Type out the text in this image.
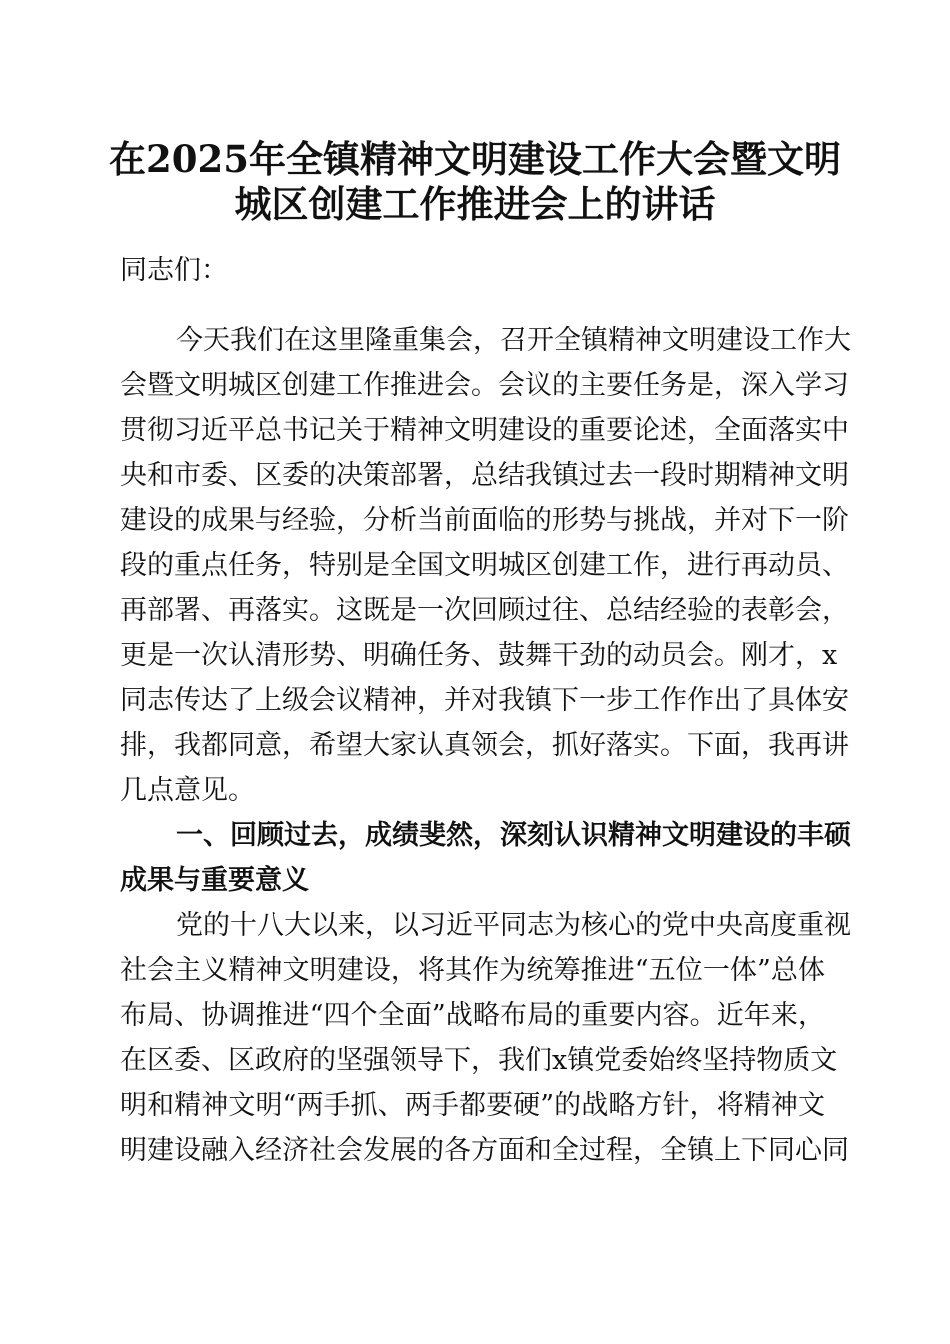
在2025年全镇精神文明建设工作大会暨文明
城区创建工作推进会上的讲话
同志们：
今天我们在这里隆重集会，召开全镇精神文明建设工作大
会暨文明城区创建工作推进会。会议的主要任务是，深入学习
贯彻习近平总书记关于精神文明建设的重要论述，全面落实中
央和市委、区委的决策部署，总结我镇过去一段时期精神文明
建设的成果与经验，分析当前面临的形势与挑战，并对下一阶
段的重点任务，特别是全国文明城区创建工作，进行再动员、
再部署、再落实。这既是一次回顾过往、总结经验的表彰会，
更是一次认清形势、明确任务、鼓舞干劲的动员会。刚才，x
同志传达了上级会议精神，并对我镇下一步工作作出了具体安
排，我都同意，希望大家认真领会，抓好落实。下面，我再讲
几点意见。
一、回顾过去，成绩斐然，深刻认识精神文明建设的丰硕
成果与重要意义
党的十八大以来，以习近平同志为核心的党中央高度重视
社会主义精神文明建设，将其作为统筹推进“五位一体”总体
布局、协调推进“四个全面”战略布局的重要内容。近年来，
在区委、区政府的坚强领导下，我们x镇党委始终坚持物质文
明和精神文明“两手抓、两手都要硬”的战略方针，将精神文
明建设融入经济社会发展的各方面和全过程，全镇上下同心同
